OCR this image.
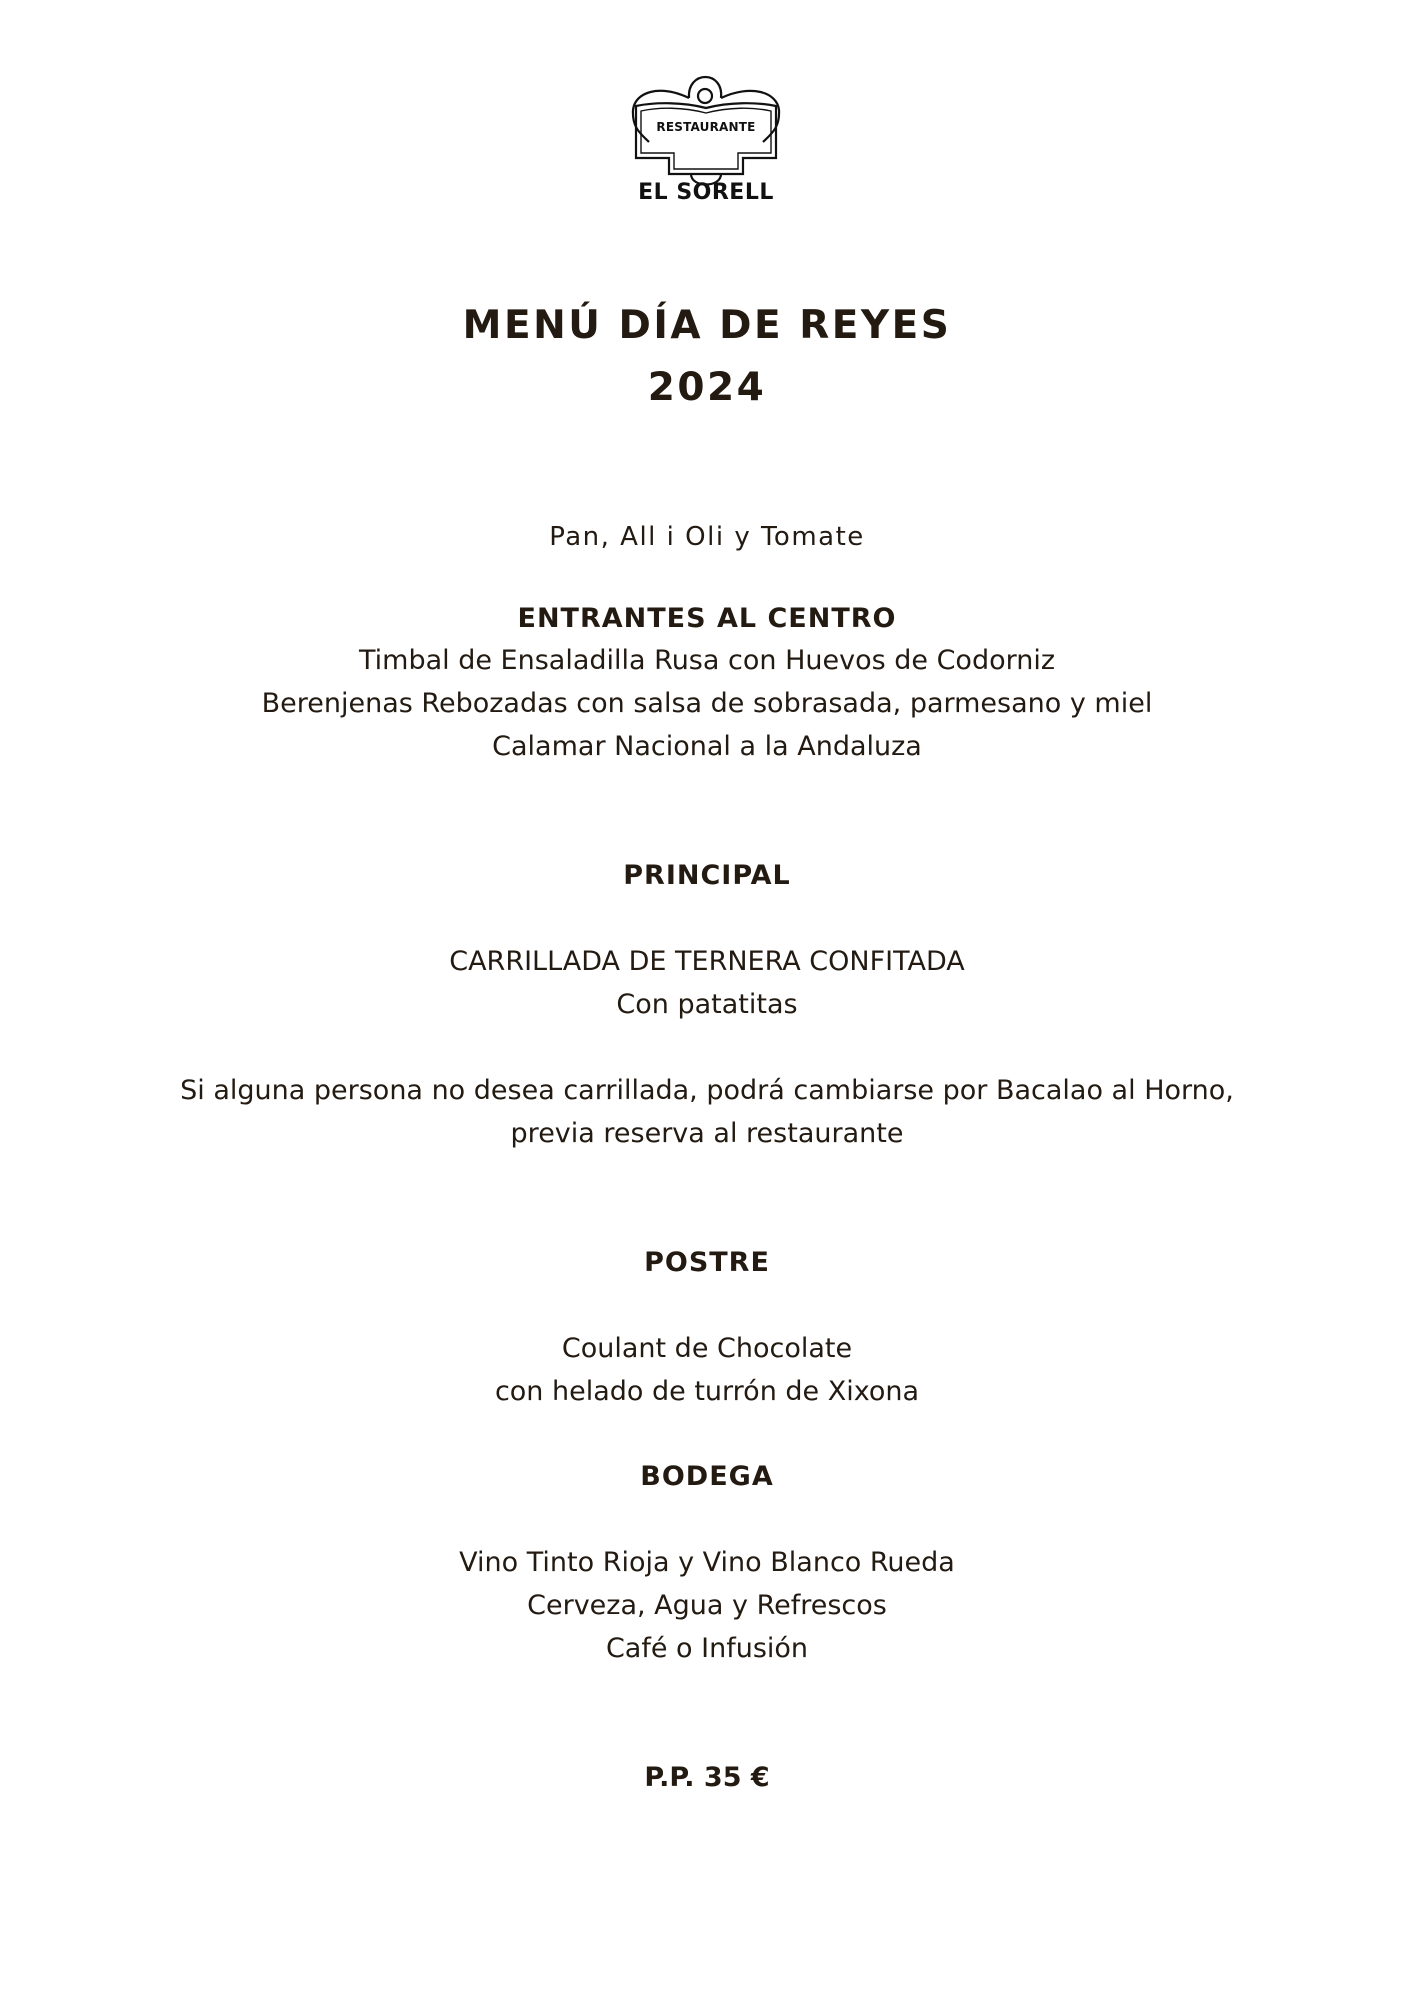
RESTAURANTE
EL SORELL
MENÚ DÍA DE REYES
2024
Pan, All i Oli y Tomate
ENTRANTES AL CENTRO
Timbal de Ensaladilla Rusa con Huevos de Codorniz
Berenjenas Rebozadas con salsa de sobrasada, parmesano y miel
Calamar Nacional a la Andaluza
PRINCIPAL
CARRILLADA DE TERNERA CONFITADA
Con patatitas
Si alguna persona no desea carrillada, podrá cambiarse por Bacalao al Horno,
previa reserva al restaurante
POSTRE
Coulant de Chocolate
con helado de turrón de Xixona
BODEGA
Vino Tinto Rioja y Vino Blanco Rueda
Cerveza, Agua y Refrescos
Café o Infusión
P.P. 35 €
